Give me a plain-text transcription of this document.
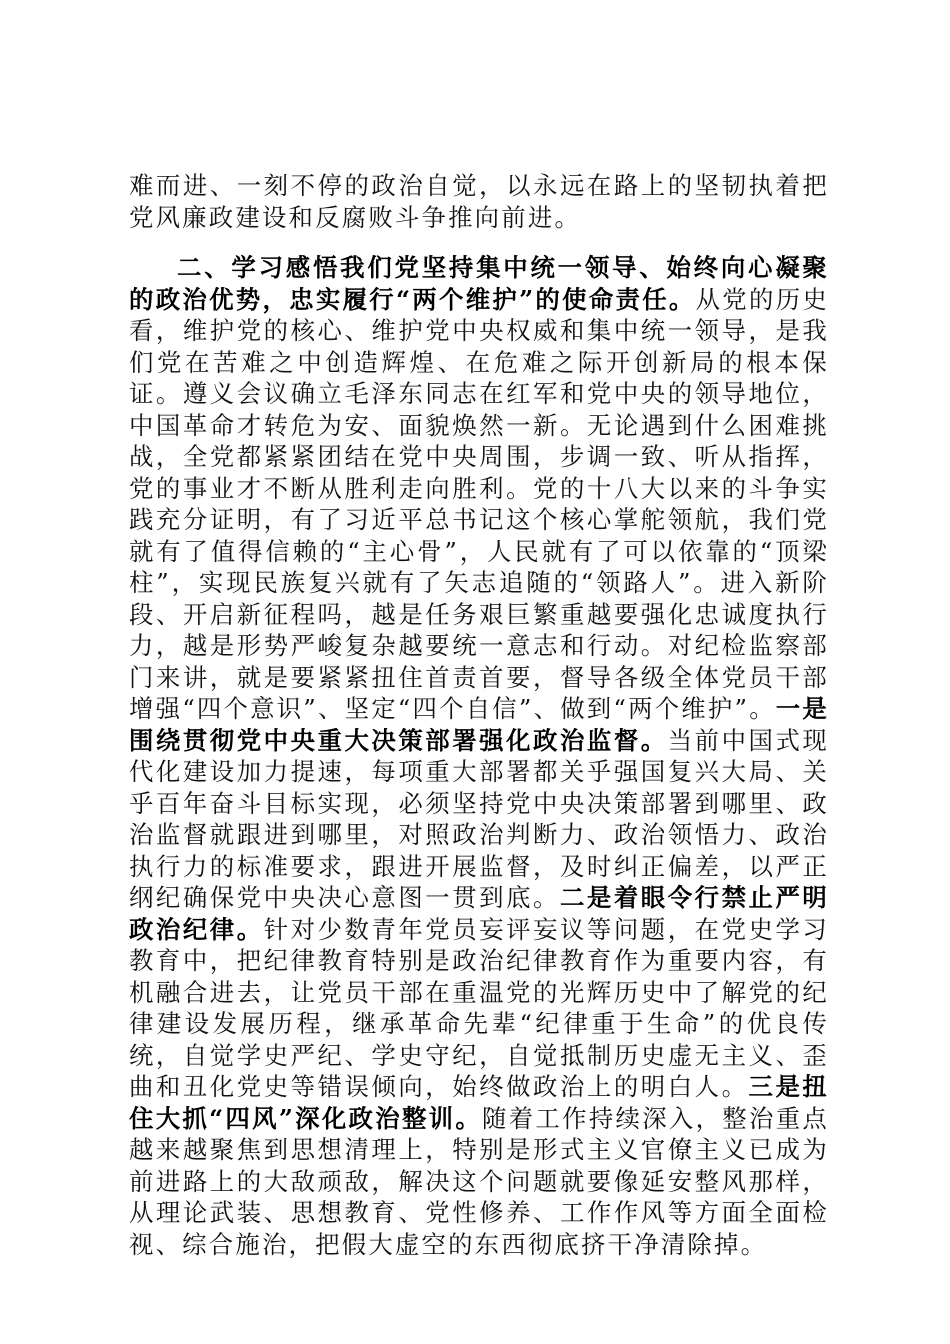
难而进、一刻不停的政治自觉，以永远在路上的坚韧执着把党风廉政建设和反腐败斗争推向前进。

二、学习感悟我们党坚持集中统一领导、始终向心凝聚的政治优势，忠实履行“两个维护”的使命责任。从党的历史看，维护党的核心、维护党中央权威和集中统一领导，是我们党在苦难之中创造辉煌、在危难之际开创新局的根本保证。遵义会议确立毛泽东同志在红军和党中央的领导地位，中国革命才转危为安、面貌焕然一新。无论遇到什么困难挑战，全党都紧紧团结在党中央周围，步调一致、听从指挥，党的事业才不断从胜利走向胜利。党的十八大以来的斗争实践充分证明，有了习近平总书记这个核心掌舵领航，我们党就有了值得信赖的“主心骨”，人民就有了可以依靠的“顶梁柱”，实现民族复兴就有了矢志追随的“领路人”。进入新阶段、开启新征程吗，越是任务艰巨繁重越要强化忠诚度执行力，越是形势严峻复杂越要统一意志和行动。对纪检监察部门来讲，就是要紧紧扭住首责首要，督导各级全体党员干部增强“四个意识”、坚定“四个自信”、做到“两个维护”。一是围绕贯彻党中央重大决策部署强化政治监督。当前中国式现代化建设加力提速，每项重大部署都关乎强国复兴大局、关乎百年奋斗目标实现，必须坚持党中央决策部署到哪里、政治监督就跟进到哪里，对照政治判断力、政治领悟力、政治执行力的标准要求，跟进开展监督，及时纠正偏差，以严正纲纪确保党中央决心意图一贯到底。二是着眼令行禁止严明政治纪律。针对少数青年党员妄评妄议等问题，在党史学习教育中，把纪律教育特别是政治纪律教育作为重要内容，有机融合进去，让党员干部在重温党的光辉历史中了解党的纪律建设发展历程，继承革命先辈“纪律重于生命”的优良传统，自觉学史严纪、学史守纪，自觉抵制历史虚无主义、歪曲和丑化党史等错误倾向，始终做政治上的明白人。三是扭住大抓“四风”深化政治整训。随着工作持续深入，整治重点越来越聚焦到思想清理上，特别是形式主义官僚主义已成为前进路上的大敌顽敌，解决这个问题就要像延安整风那样，从理论武装、思想教育、党性修养、工作作风等方面全面检视、综合施治，把假大虚空的东西彻底挤干净清除掉。
